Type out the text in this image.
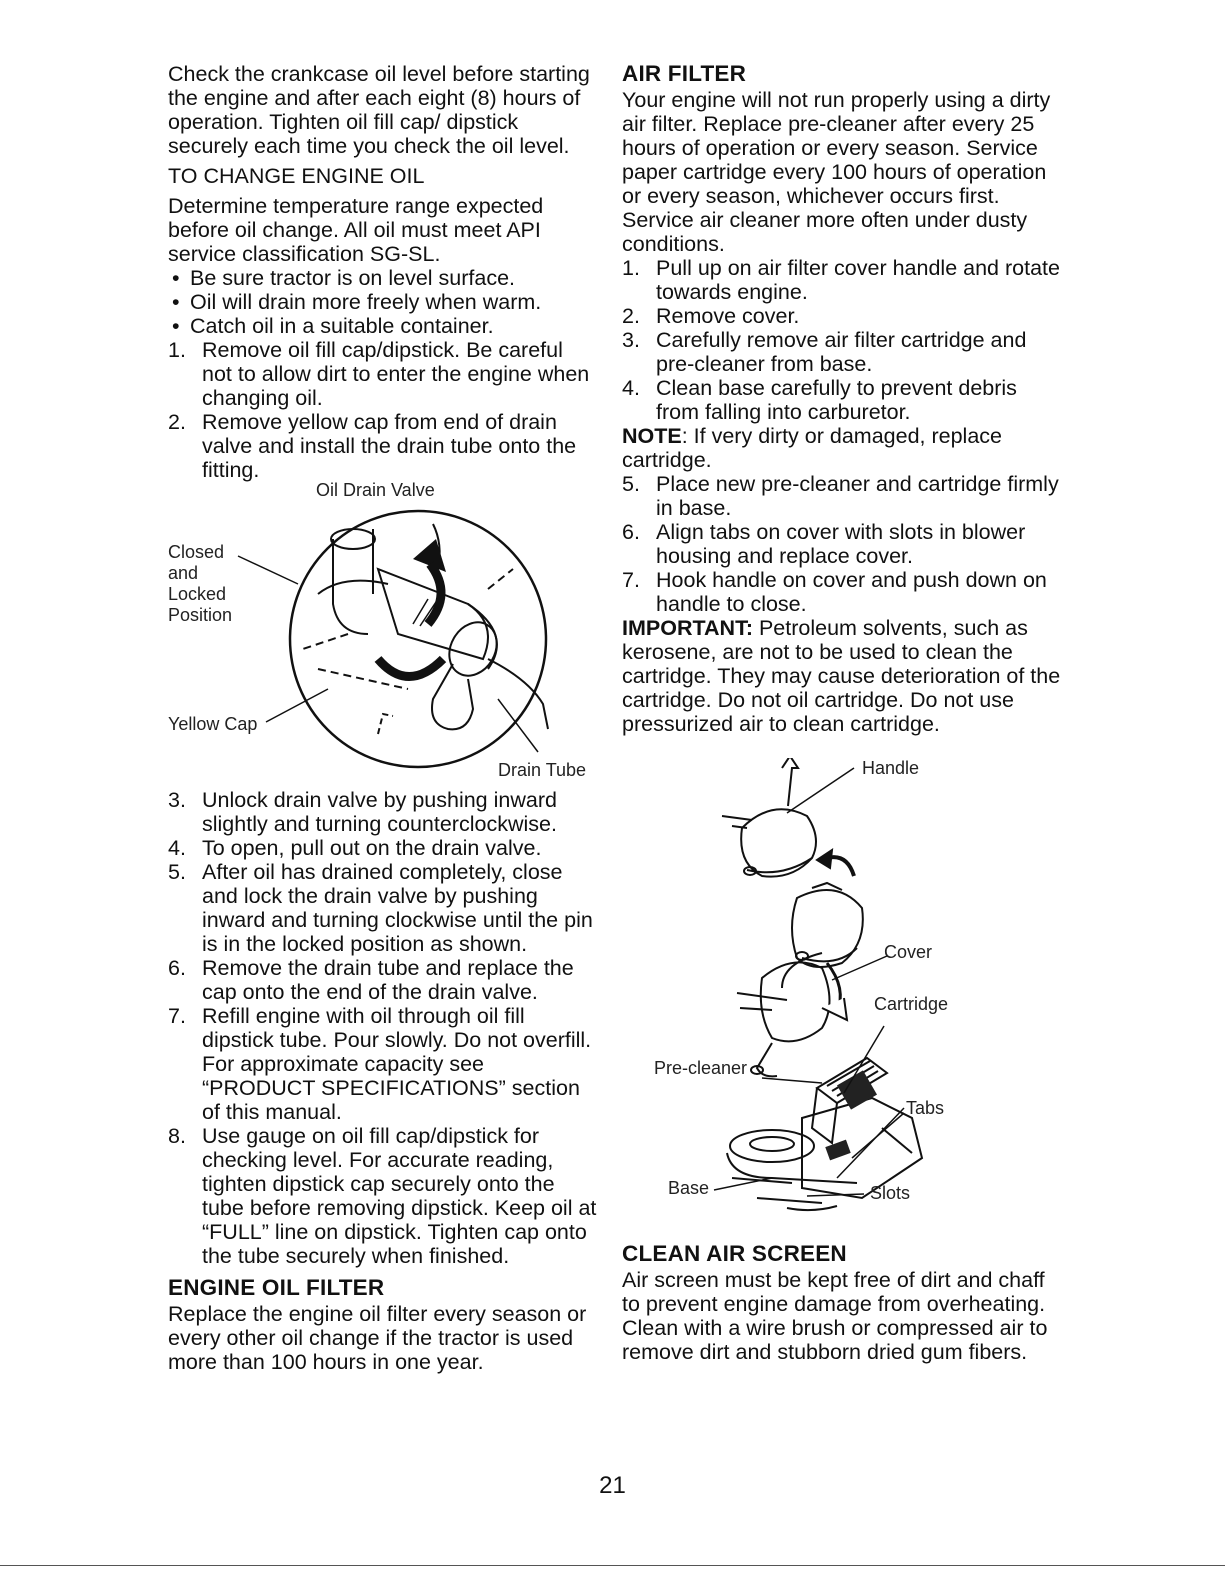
Check the crankcase oil level before starting the engine and after each eight (8) hours of operation. Tighten oil fill cap/ dipstick securely each time you check the oil level.

TO CHANGE ENGINE OIL

Determine temperature range expected before oil change. All oil must meet API service classification SG-SL.

• Be sure tractor is on level surface.
• Oil will drain more freely when warm.
• Catch oil in a suitable container.
1. Remove oil fill cap/dipstick. Be careful not to allow dirt to enter the engine when changing oil.
2. Remove yellow cap from end of drain valve and install the drain tube onto the fitting.
Oil Drain Valve
Closed
and
Locked
Position
Yellow Cap
Drain Tube
3. Unlock drain valve by pushing inward slightly and turning counterclockwise.
4. To open, pull out on the drain valve.
5. After oil has drained completely, close and lock the drain valve by pushing inward and turning clockwise until the pin is in the locked position as shown.
6. Remove the drain tube and replace the cap onto the end of the drain valve.
7. Refill engine with oil through oil fill dipstick tube. Pour slowly. Do not overfill. For approximate capacity see “PRODUCT SPECIFICATIONS” section of this manual.
8. Use gauge on oil fill cap/dipstick for checking level. For accurate reading, tighten dipstick cap securely onto the tube before removing dipstick. Keep oil at “FULL” line on dipstick. Tighten cap onto the tube securely when finished.

ENGINE OIL FILTER

Replace the engine oil filter every season or every other oil change if the tractor is used more than 100 hours in one year.

AIR FILTER

Your engine will not run properly using a dirty air filter. Replace pre-cleaner after every 25 hours of operation or every season. Service paper cartridge every 100 hours of operation or every season, whichever occurs first.

Service air cleaner more often under dusty conditions.

1. Pull up on air filter cover handle and rotate towards engine.
2. Remove cover.
3. Carefully remove air filter cartridge and pre-cleaner from base.
4. Clean base carefully to prevent debris from falling into carburetor.

NOTE: If very dirty or damaged, replace cartridge.

5. Place new pre-cleaner and cartridge firmly in base.
6. Align tabs on cover with slots in blower housing and replace cover.
7. Hook handle on cover and push down on handle to close.

IMPORTANT: Petroleum solvents, such as kerosene, are not to be used to clean the cartridge. They may cause deterioration of the cartridge. Do not oil cartridge. Do not use pressurized air to clean cartridge.

Handle
Cover
Cartridge
Pre-cleaner
Tabs
Base	Slots

CLEAN AIR SCREEN

Air screen must be kept free of dirt and chaff to prevent engine damage from overheating. Clean with a wire brush or compressed air to remove dirt and stubborn dried gum fibers.

21
